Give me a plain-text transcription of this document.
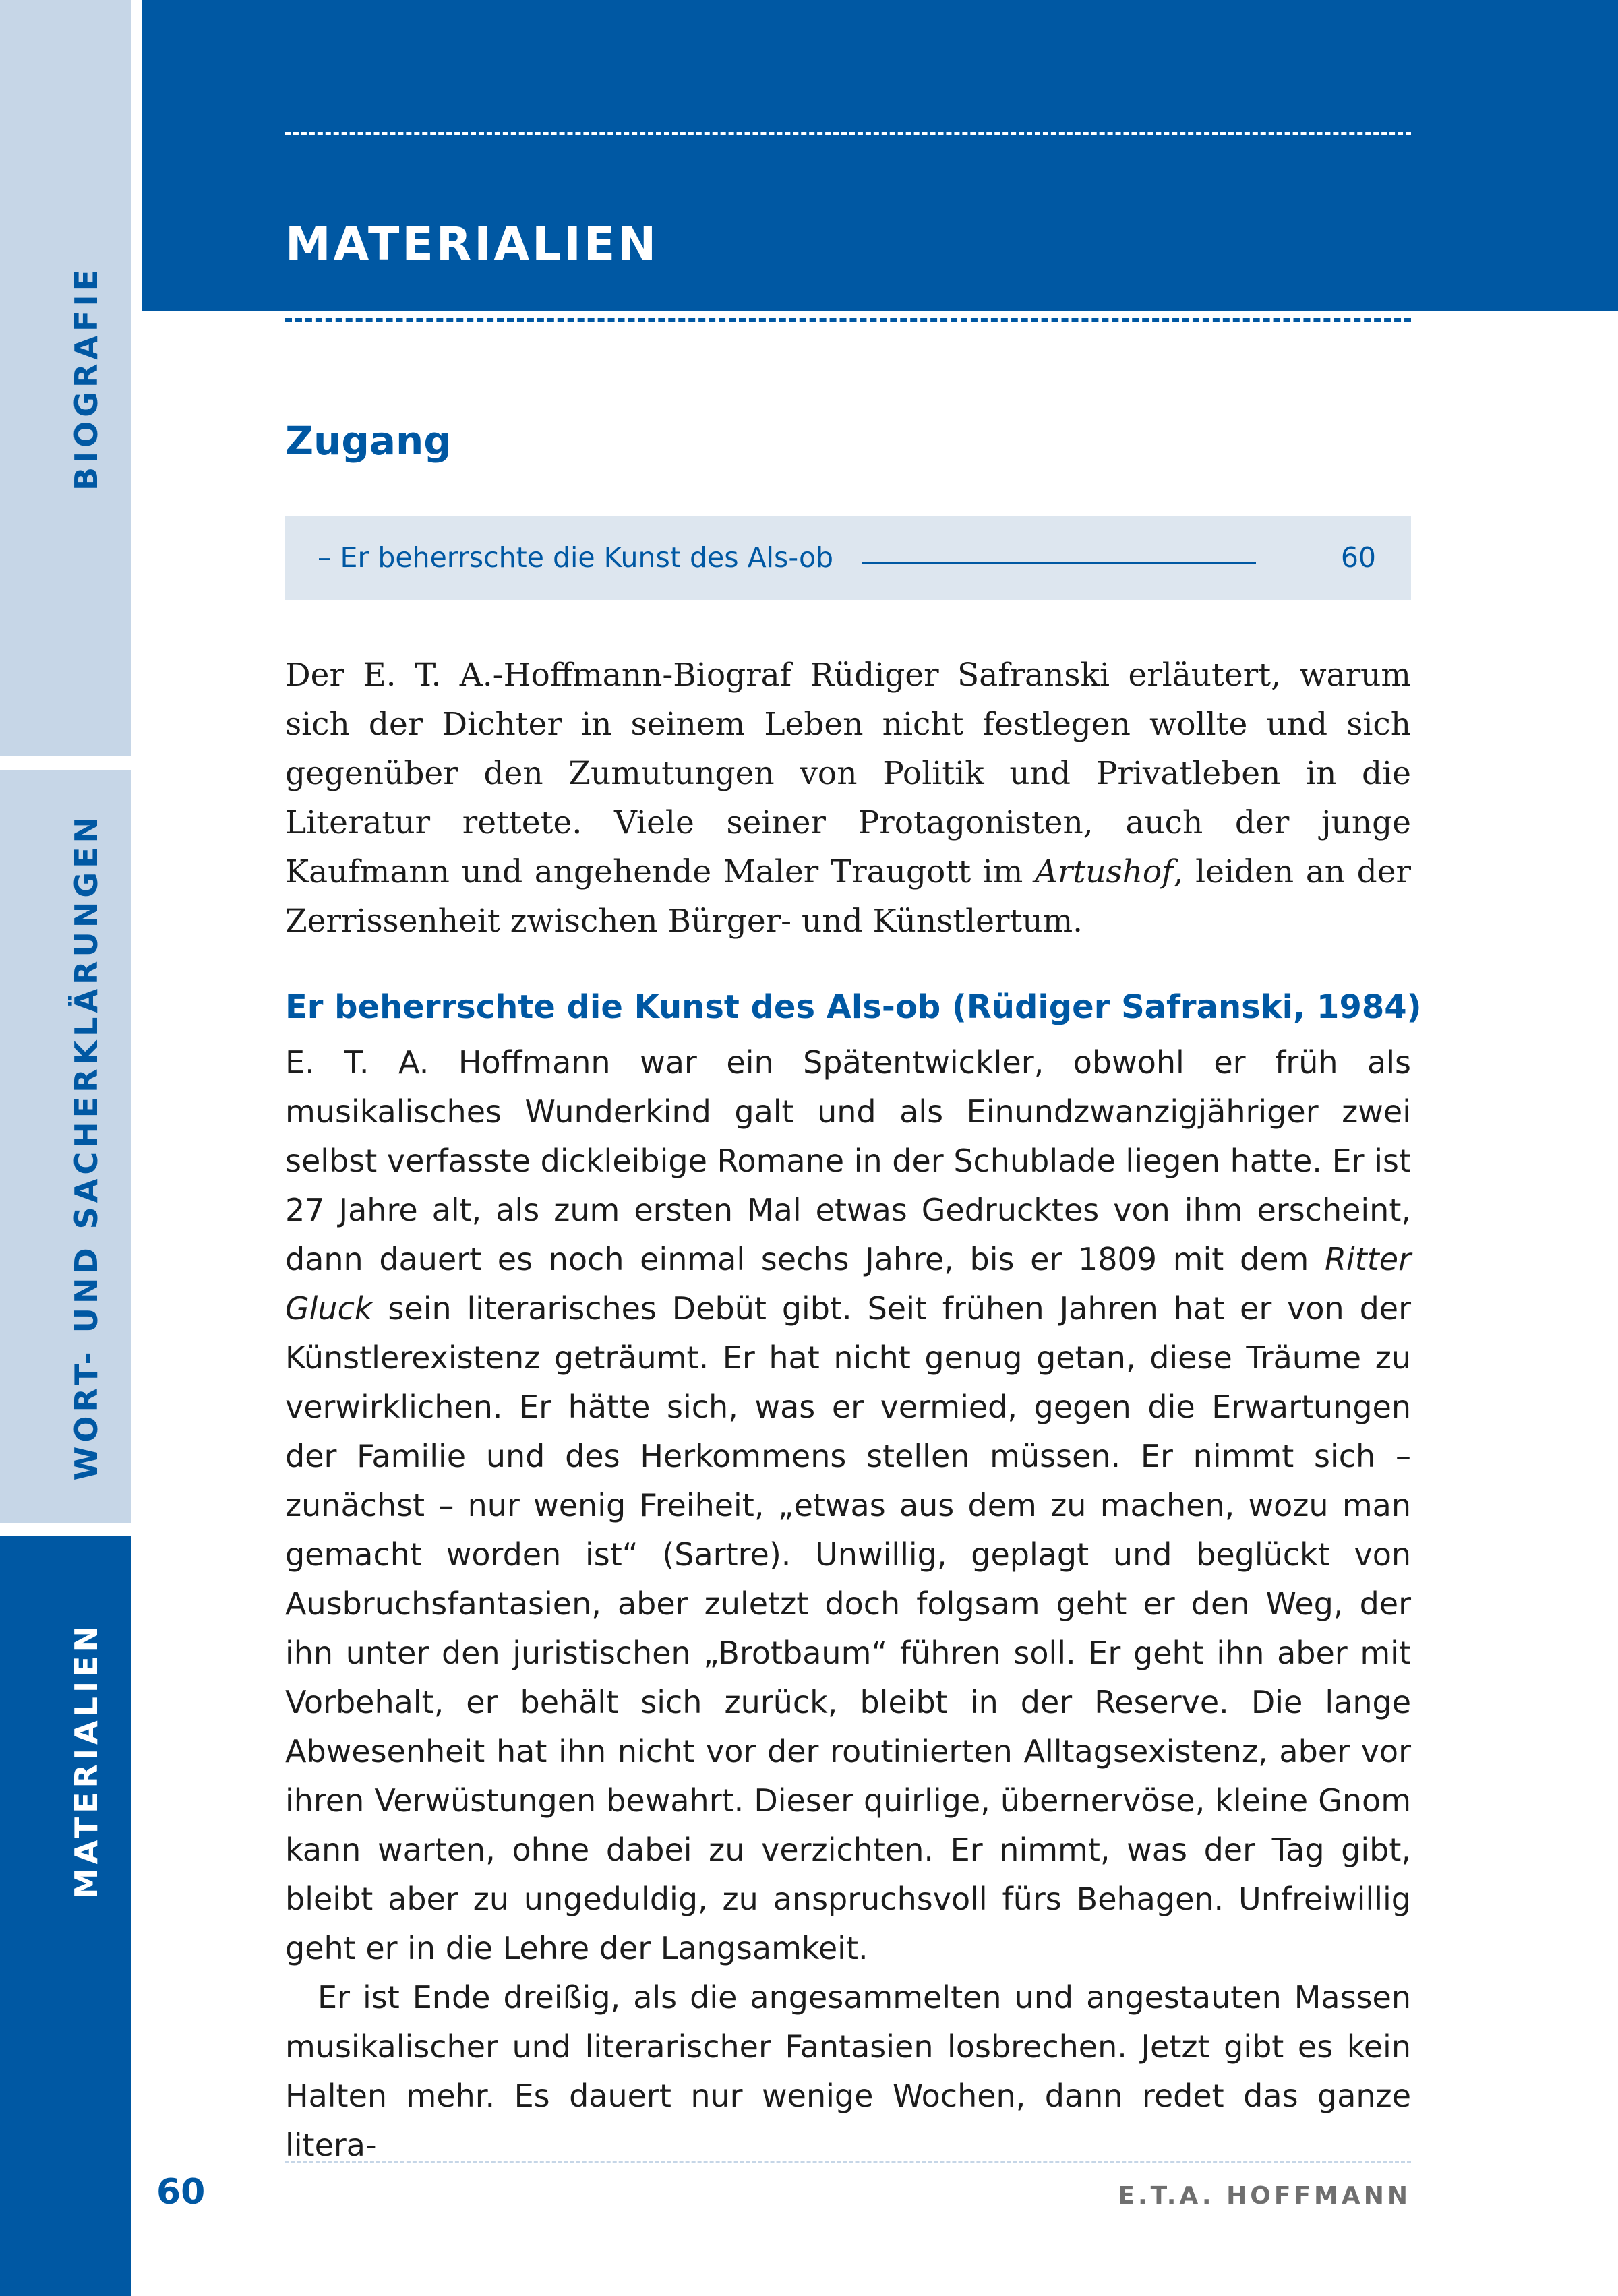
BIOGRAFIE
WORT- UND SACHERKLÄRUNGEN
MATERIALIEN
MATERIALIEN
Zugang
– Er beherrschte die Kunst des Als-ob	60

Der E. T. A.-Hoffmann-Biograf Rüdiger Safranski erläutert, warum sich der Dichter in seinem Leben nicht festlegen wollte und sich gegenüber den Zumutungen von Politik und Privatleben in die Literatur rettete. Viele seiner Protagonisten, auch der junge Kaufmann und angehende Maler Traugott im Artushof, leiden an der Zerrissenheit zwischen Bürger- und Künstlertum.

Er beherrschte die Kunst des Als-ob (Rüdiger Safranski, 1984)

E. T. A. Hoffmann war ein Spätentwickler, obwohl er früh als musikalisches Wunderkind galt und als Einundzwanzigjähriger zwei selbst verfasste dickleibige Romane in der Schublade liegen hatte. Er ist 27 Jahre alt, als zum ersten Mal etwas Gedrucktes von ihm erscheint, dann dauert es noch einmal sechs Jahre, bis er 1809 mit dem Ritter Gluck sein literarisches Debüt gibt. Seit frühen Jahren hat er von der Künstlerexistenz geträumt. Er hat nicht genug getan, diese Träume zu verwirklichen. Er hätte sich, was er vermied, gegen die Erwartungen der Familie und des Herkommens stellen müssen. Er nimmt sich – zunächst – nur wenig Freiheit, „etwas aus dem zu machen, wozu man gemacht worden ist“ (Sartre). Unwillig, geplagt und beglückt von Ausbruchsfantasien, aber zuletzt doch folgsam geht er den Weg, der ihn unter den juristischen „Brotbaum“ führen soll. Er geht ihn aber mit Vorbehalt, er behält sich zurück, bleibt in der Reserve. Die lange Abwesenheit hat ihn nicht vor der routinierten Alltagsexistenz, aber vor ihren Verwüstungen bewahrt. Dieser quirlige, übernervöse, kleine Gnom kann warten, ohne dabei zu verzichten. Er nimmt, was der Tag gibt, bleibt aber zu ungeduldig, zu anspruchsvoll fürs Behagen. Unfreiwillig geht er in die Lehre der Langsamkeit.

Er ist Ende dreißig, als die angesammelten und angestauten Massen musikalischer und literarischer Fantasien losbrechen. Jetzt gibt es kein Halten mehr. Es dauert nur wenige Wochen, dann redet das ganze litera-

60	E.T.A. HOFFMANN
